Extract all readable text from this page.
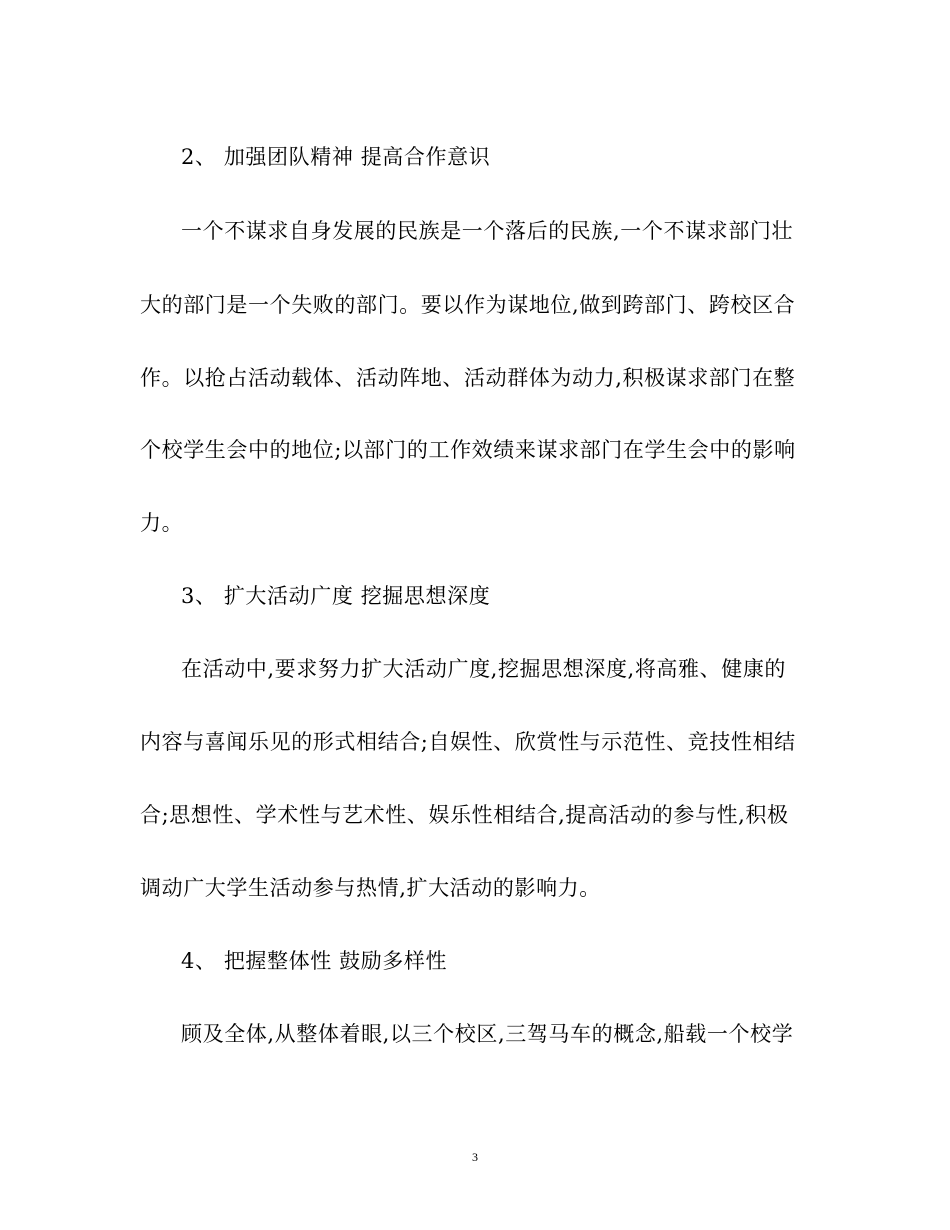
2、 加强团队精神 提高合作意识
一个不谋求自身发展的民族是一个落后的民族,一个不谋求部门壮
大的部门是一个失败的部门。要以作为谋地位,做到跨部门、跨校区合
作。以抢占活动载体、活动阵地、活动群体为动力,积极谋求部门在整
个校学生会中的地位;以部门的工作效绩来谋求部门在学生会中的影响
力。
3、 扩大活动广度 挖掘思想深度
在活动中,要求努力扩大活动广度,挖掘思想深度,将高雅、健康的
内容与喜闻乐见的形式相结合;自娱性、欣赏性与示范性、竞技性相结
合;思想性、学术性与艺术性、娱乐性相结合,提高活动的参与性,积极
调动广大学生活动参与热情,扩大活动的影响力。
4、 把握整体性 鼓励多样性
顾及全体,从整体着眼,以三个校区,三驾马车的概念,船载一个校学
3
